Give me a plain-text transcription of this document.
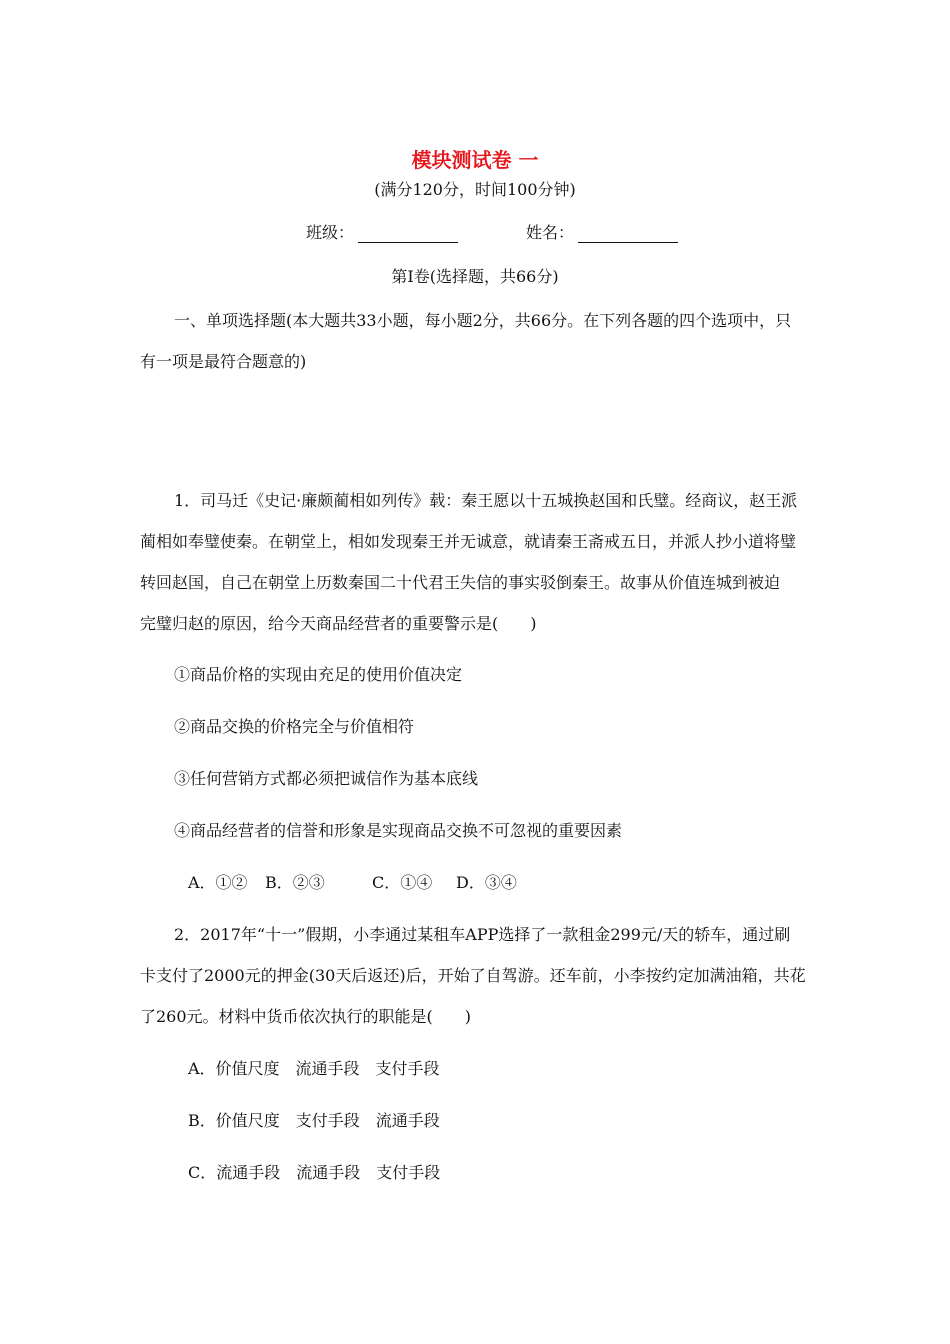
模块测试卷 一
(满分120分，时间100分钟)
班级：	姓名：
第Ⅰ卷(选择题，共66分)
一、单项选择题(本大题共33小题，每小题2分，共66分。在下列各题的四个选项中，只
有一项是最符合题意的)
1．司马迁《史记·廉颇蔺相如列传》载：秦王愿以十五城换赵国和氏璧。经商议，赵王派
蔺相如奉璧使秦。在朝堂上，相如发现秦王并无诚意，就请秦王斋戒五日，并派人抄小道将璧
转回赵国，自己在朝堂上历数秦国二十代君王失信的事实驳倒秦王。故事从价值连城到被迫
完璧归赵的原因，给今天商品经营者的重要警示是(　　)
①商品价格的实现由充足的使用价值决定
②商品交换的价格完全与价值相符
③任何营销方式都必须把诚信作为基本底线
④商品经营者的信誉和形象是实现商品交换不可忽视的重要因素
A．①② B．②③	C．①④ D．③④
2．2017年“十一”假期，小李通过某租车APP选择了一款租金299元/天的轿车，通过刷
卡支付了2000元的押金(30天后返还)后，开始了自驾游。还车前，小李按约定加满油箱，共花
了260元。材料中货币依次执行的职能是(　　)
A．价值尺度　流通手段　支付手段
B．价值尺度　支付手段　流通手段
C．流通手段　流通手段　支付手段
